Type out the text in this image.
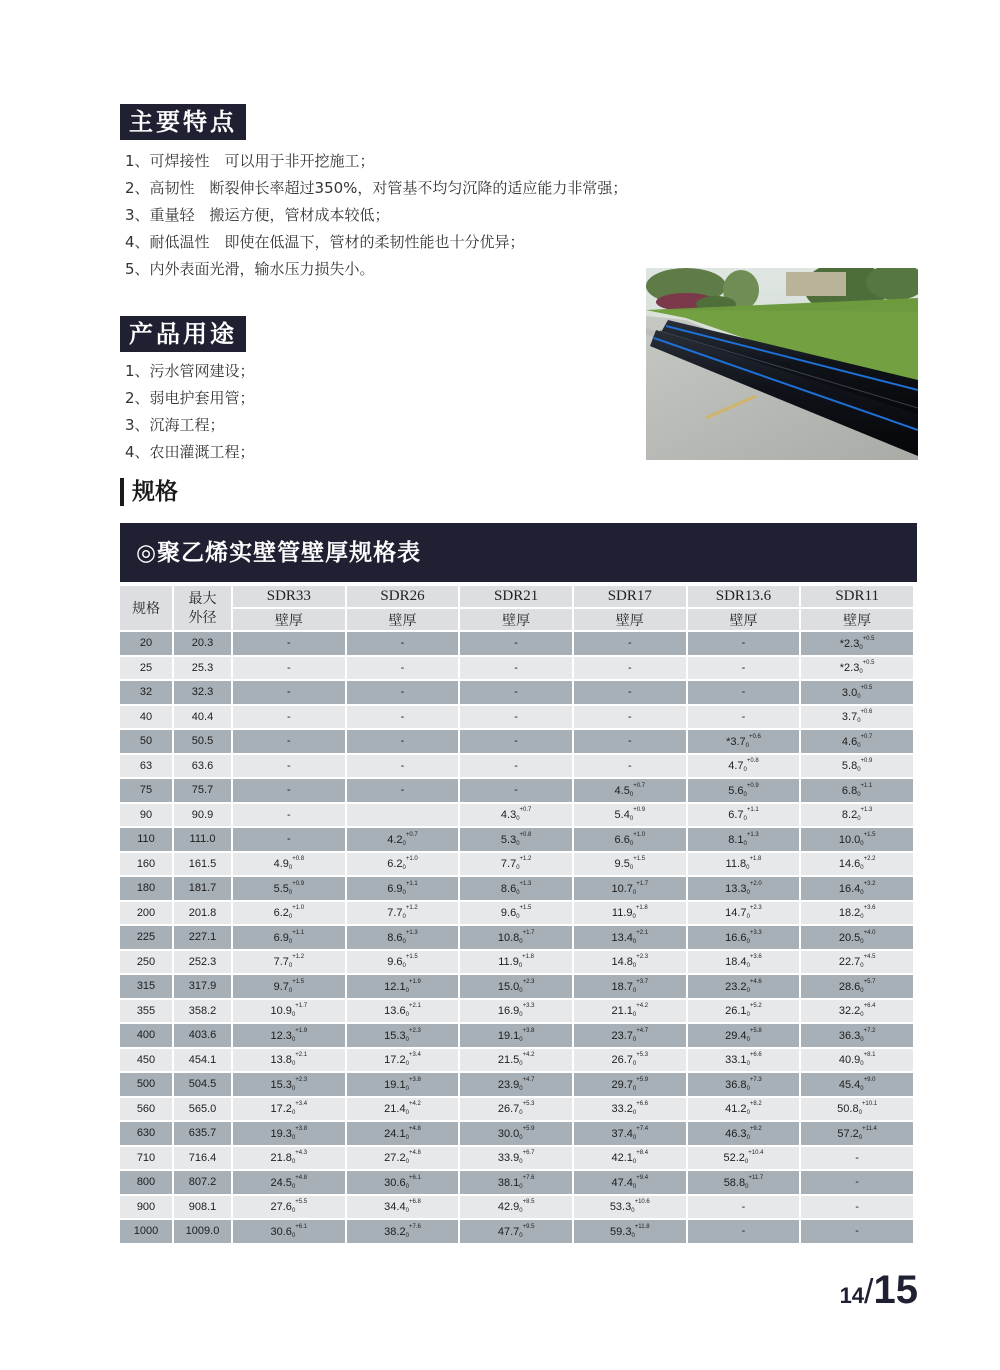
主要特点
1、可焊接性　可以用于非开挖施工；
2、高韧性　断裂伸长率超过350%，对管基不均匀沉降的适应能力非常强；
3、重量轻　搬运方便，管材成本较低；
4、耐低温性　即使在低温下，管材的柔韧性能也十分优异；
5、内外表面光滑，输水压力损失小。
产品用途
1、污水管网建设；
2、弱电护套用管；
3、沉海工程；
4、农田灌溉工程；
规格
◎聚乙烯实壁管壁厚规格表
规格	最大
外径	SDR33	SDR26	SDR21	SDR17	SDR13.6	SDR11
		壁厚	壁厚	壁厚	壁厚	壁厚	壁厚
20	20.3	-	-	-	-	-	$*2.3_0^{+0.5}$
25	25.3	-	-	-	-	-	$*2.3_0^{+0.5}$
32	32.3	-	-	-	-	-	$3.0_0^{+0.5}$
40	40.4	-	-	-	-	-	$3.7_0^{+0.6}$
50	50.5	-	-	-	-	$*3.7_0^{+0.6}$	$4.6_0^{+0.7}$
63	63.6	-	-	-	-	$4.7_0^{+0.8}$	$5.8_0^{+0.9}$
75	75.7	-	-	-	$4.5_0^{+0.7}$	$5.6_0^{+0.9}$	$6.8_0^{+1.1}$
90	90.9	-		$4.3_0^{+0.7}$	$5.4_0^{+0.9}$	$6.7_0^{+1.1}$	$8.2_0^{+1.3}$
110	111.0	-	$4.2_0^{+0.7}$	$5.3_0^{+0.8}$	$6.6_0^{+1.0}$	$8.1_0^{+1.3}$	$10.0_0^{+1.5}$
160	161.5	$4.9_0^{+0.8}$	$6.2_0^{+1.0}$	$7.7_0^{+1.2}$	$9.5_0^{+1.5}$	$11.8_0^{+1.8}$	$14.6_0^{+2.2}$
180	181.7	$5.5_0^{+0.9}$	$6.9_0^{+1.1}$	$8.6_0^{+1.3}$	$10.7_0^{+1.7}$	$13.3_0^{+2.0}$	$16.4_0^{+3.2}$
200	201.8	$6.2_0^{+1.0}$	$7.7_0^{+1.2}$	$9.6_0^{+1.5}$	$11.9_0^{+1.8}$	$14.7_0^{+2.3}$	$18.2_0^{+3.6}$
225	227.1	$6.9_0^{+1.1}$	$8.6_0^{+1.3}$	$10.8_0^{+1.7}$	$13.4_0^{+2.1}$	$16.6_0^{+3.3}$	$20.5_0^{+4.0}$
250	252.3	$7.7_0^{+1.2}$	$9.6_0^{+1.5}$	$11.9_0^{+1.8}$	$14.8_0^{+2.3}$	$18.4_0^{+3.6}$	$22.7_0^{+4.5}$
315	317.9	$9.7_0^{+1.5}$	$12.1_0^{+1.9}$	$15.0_0^{+2.3}$	$18.7_0^{+3.7}$	$23.2_0^{+4.6}$	$28.6_0^{+5.7}$
355	358.2	$10.9_0^{+1.7}$	$13.6_0^{+2.1}$	$16.9_0^{+3.3}$	$21.1_0^{+4.2}$	$26.1_0^{+5.2}$	$32.2_0^{+6.4}$
400	403.6	$12.3_0^{+1.9}$	$15.3_0^{+2.3}$	$19.1_0^{+3.8}$	$23.7_0^{+4.7}$	$29.4_0^{+5.8}$	$36.3_0^{+7.2}$
450	454.1	$13.8_0^{+2.1}$	$17.2_0^{+3.4}$	$21.5_0^{+4.2}$	$26.7_0^{+5.3}$	$33.1_0^{+6.6}$	$40.9_0^{+8.1}$
500	504.5	$15.3_0^{+2.3}$	$19.1_0^{+3.8}$	$23.9_0^{+4.7}$	$29.7_0^{+5.9}$	$36.8_0^{+7.3}$	$45.4_0^{+9.0}$
560	565.0	$17.2_0^{+3.4}$	$21.4_0^{+4.2}$	$26.7_0^{+5.3}$	$33.2_0^{+6.6}$	$41.2_0^{+8.2}$	$50.8_0^{+10.1}$
630	635.7	$19.3_0^{+3.8}$	$24.1_0^{+4.8}$	$30.0_0^{+5.9}$	$37.4_0^{+7.4}$	$46.3_0^{+9.2}$	$57.2_0^{+11.4}$
710	716.4	$21.8_0^{+4.3}$	$27.2_0^{+4.8}$	$33.9_0^{+6.7}$	$42.1_0^{+8.4}$	$52.2_0^{+10.4}$	-
800	807.2	$24.5_0^{+4.8}$	$30.6_0^{+6.1}$	$38.1_0^{+7.6}$	$47.4_0^{+9.4}$	$58.8_0^{+11.7}$	-
900	908.1	$27.6_0^{+5.5}$	$34.4_0^{+6.8}$	$42.9_0^{+8.5}$	$53.3_0^{+10.6}$	-	-
1000	1009.0	$30.6_0^{+6.1}$	$38.2_0^{+7.6}$	$47.7_0^{+9.5}$	$59.3_0^{+11.8}$	-	-
14/15
